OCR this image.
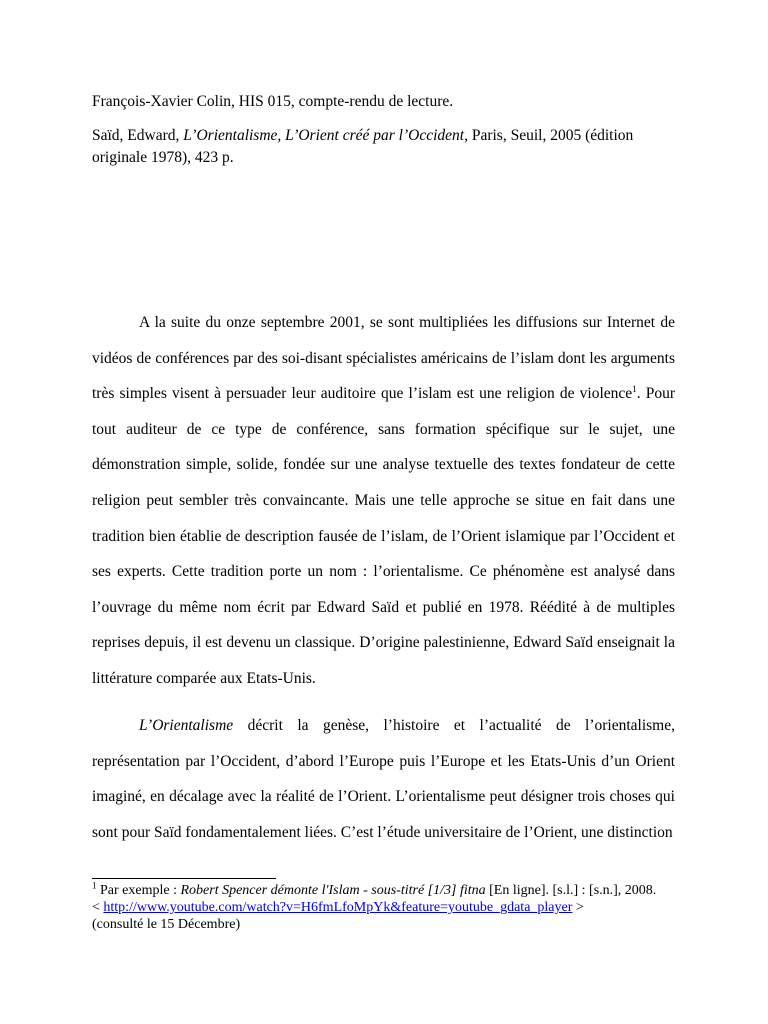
François-Xavier Colin, HIS 015, compte-rendu de lecture.
Saïd, Edward, L’Orientalisme, L’Orient créé par l’Occident, Paris, Seuil, 2005 (édition originale 1978), 423 p.
A la suite du onze septembre 2001, se sont multipliées les diffusions sur Internet de vidéos de conférences par des soi-disant spécialistes américains de l’islam dont les arguments très simples visent à persuader leur auditoire que l’islam est une religion de violence$^1$. Pour tout auditeur de ce type de conférence, sans formation spécifique sur le sujet, une démonstration simple, solide, fondée sur une analyse textuelle des textes fondateur de cette religion peut sembler très convaincante. Mais une telle approche se situe en fait dans une tradition bien établie de description fausée de l’islam, de l’Orient islamique par l’Occident et ses experts. Cette tradition porte un nom : l’orientalisme. Ce phénomène est analysé dans l’ouvrage du même nom écrit par Edward Saïd et publié en 1978. Réédité à de multiples reprises depuis, il est devenu un classique. D’origine palestinienne, Edward Saïd enseignait la littérature comparée aux Etats-Unis.
L’Orientalisme décrit la genèse, l’histoire et l’actualité de l’orientalisme, représentation par l’Occident, d’abord l’Europe puis l’Europe et les Etats-Unis d’un Orient imaginé, en décalage avec la réalité de l’Orient. L’orientalisme peut désigner trois choses qui sont pour Saïd fondamentalement liées. C’est l’étude universitaire de l’Orient, une distinction
$^1$ Par exemple : Robert Spencer démonte l'Islam - sous-titré [1/3] fitna [En ligne]. [s.l.] : [s.n.], 2008.
< http://www.youtube.com/watch?v=H6fmLfoMpYk&feature=youtube_gdata_player >
(consulté le 15 Décembre)
